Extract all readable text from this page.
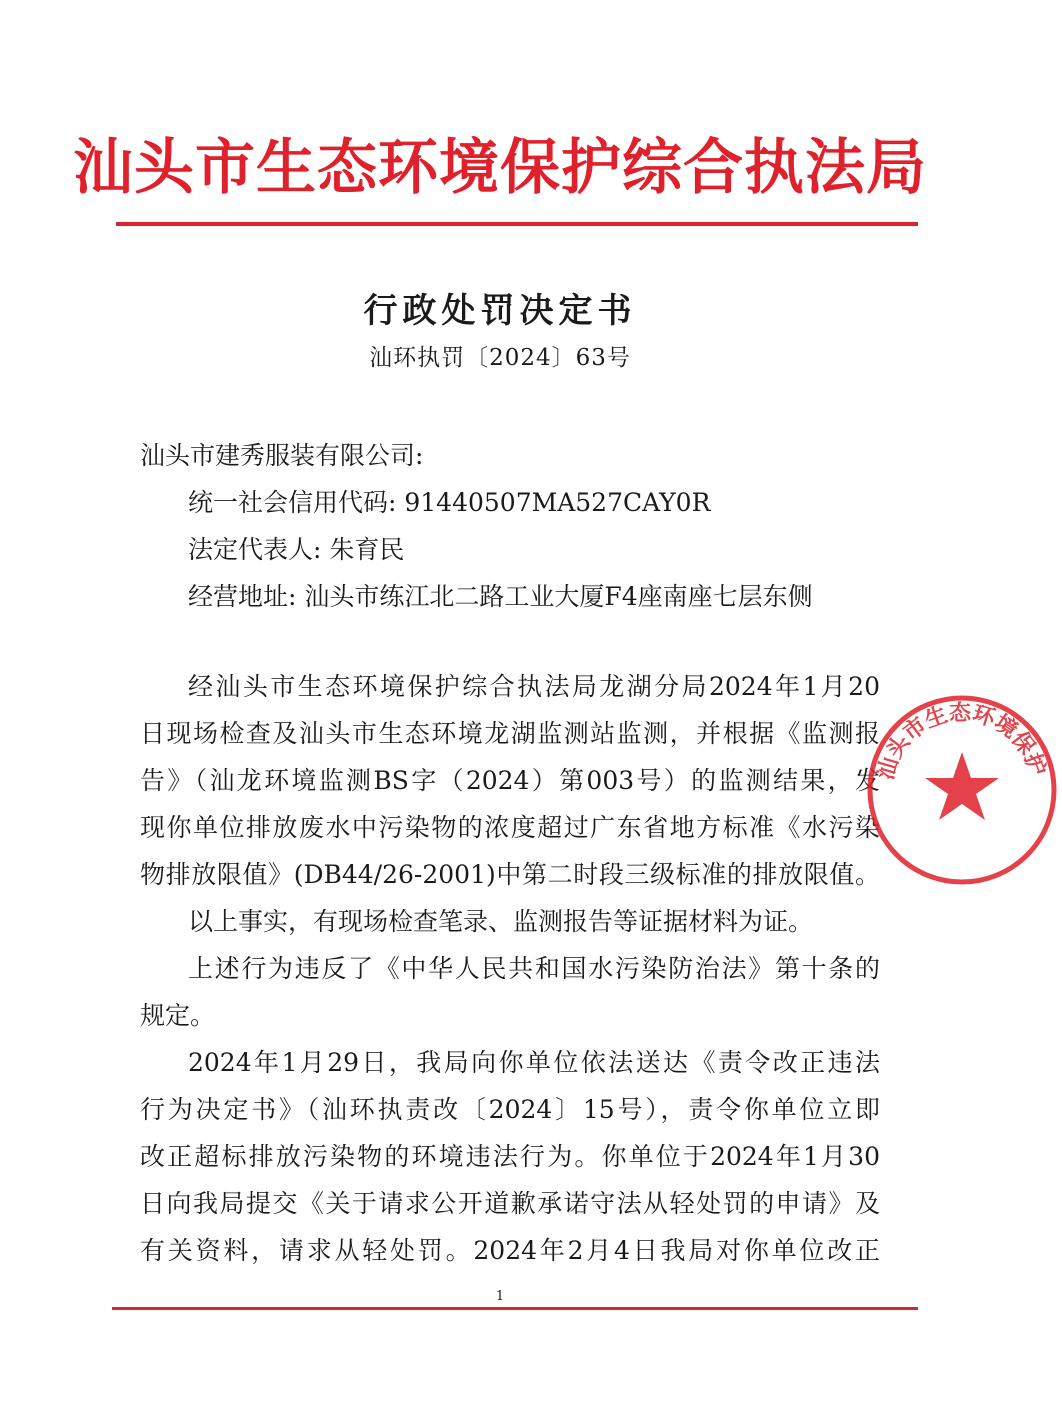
汕头市生态环境保护综合执法局
行政处罚决定书
汕环执罚〔2024〕63号
汕头市建秀服装有限公司:
统一社会信用代码: 91440507MA527CAY0R
法定代表人: 朱育民
经营地址: 汕头市练江北二路工业大厦F4座南座七层东侧
经汕头市生态环境保护综合执法局龙湖分局2024年1月20
日现场检查及汕头市生态环境龙湖监测站监测，并根据《监测报
告》（汕龙环境监测BS字（2024）第003号）的监测结果，发
现你单位排放废水中污染物的浓度超过广东省地方标准《水污染
物排放限值》(DB44/26-2001)中第二时段三级标准的排放限值。
以上事实，有现场检查笔录、监测报告等证据材料为证。
上述行为违反了《中华人民共和国水污染防治法》第十条的
规定。
2024年1月29日，我局向你单位依法送达《责令改正违法
行为决定书》（汕环执责改〔2024〕15号），责令你单位立即
改正超标排放污染物的环境违法行为。你单位于2024年1月30
日向我局提交《关于请求公开道歉承诺守法从轻处罚的申请》及
有关资料，请求从轻处罚。2024年2月4日我局对你单位改正
汕头市生态环境保护
1
